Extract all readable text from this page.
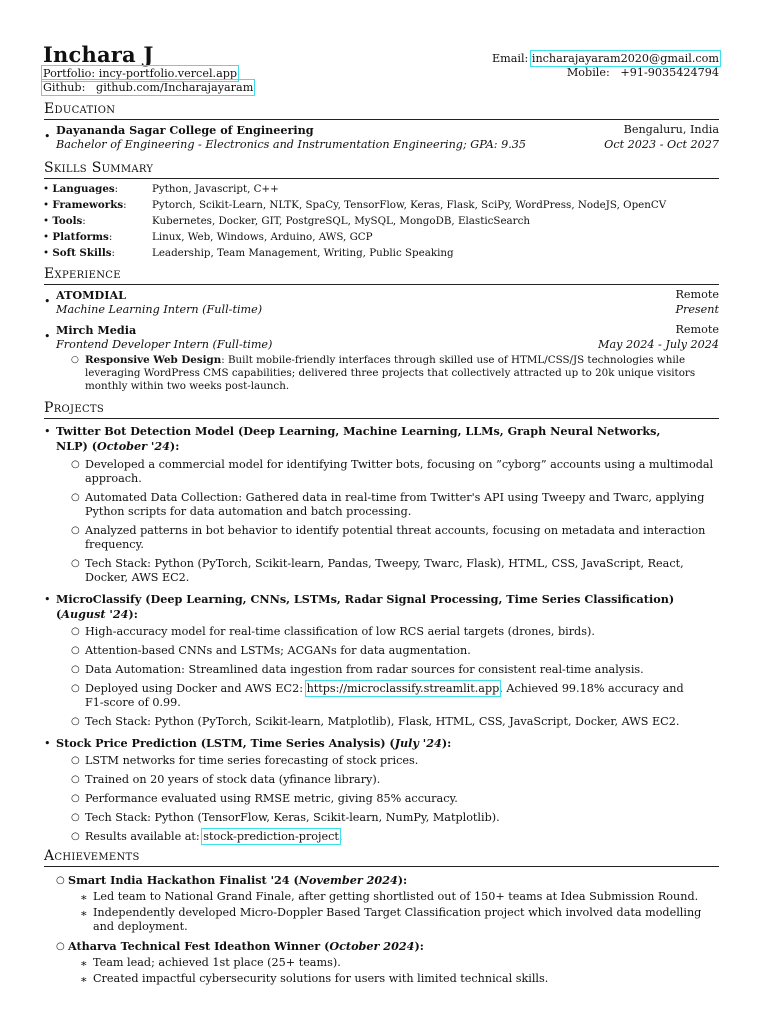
Incharа J
Portfolio: incy-portfolio.vercel.app
Github: github.com/Incharajayaram
Email: incharajayaram2020@gmail.com
Mobile: +91-9035424794
Education
• Dayananda Sagar College of Engineering	Bengaluru, India
Bachelor of Engineering - Electronics and Instrumentation Engineering; GPA: 9.35	Oct 2023 - Oct 2027
Skills Summary
• Languages:	Python, Javascript, C++
• Frameworks:	Pytorch, Scikit-Learn, NLTK, SpaCy, TensorFlow, Keras, Flask, SciPy, WordPress, NodeJS, OpenCV
• Tools:	Kubernetes, Docker, GIT, PostgreSQL, MySQL, MongoDB, ElasticSearch
• Platforms:	Linux, Web, Windows, Arduino, AWS, GCP
• Soft Skills:	Leadership, Team Management, Writing, Public Speaking
Experience
• ATOMDIAL	Remote
Machine Learning Intern (Full-time)	Present
• Mirch Media	Remote
Frontend Developer Intern (Full-time)	May 2024 - July 2024
○ Responsive Web Design: Built mobile-friendly interfaces through skilled use of HTML/CSS/JS technologies while
leveraging WordPress CMS capabilities; delivered three projects that collectively attracted up to 20k unique visitors
monthly within two weeks post-launch.
Projects
• Twitter Bot Detection Model (Deep Learning, Machine Learning, LLMs, Graph Neural Networks,
NLP) (October '24):
○ Developed a commercial model for identifying Twitter bots, focusing on ”cyborg” accounts using a multimodal approach.
○ Automated Data Collection: Gathered data in real-time from Twitter's API using Tweepy and Twarc, applying Python scripts for data automation and batch processing.
○ Analyzed patterns in bot behavior to identify potential threat accounts, focusing on metadata and interaction frequency.
○ Tech Stack: Python (PyTorch, Scikit-learn, Pandas, Tweepy, Twarc, Flask), HTML, CSS, JavaScript, React, Docker, AWS EC2.
• MicroClassify (Deep Learning, CNNs, LSTMs, Radar Signal Processing, Time Series Classification)
(August '24):
○ High-accuracy model for real-time classification of low RCS aerial targets (drones, birds).
○ Attention-based CNNs and LSTMs; ACGANs for data augmentation.
○ Data Automation: Streamlined data ingestion from radar sources for consistent real-time analysis.
○ Deployed using Docker and AWS EC2: https://microclassify.streamlit.app. Achieved 99.18% accuracy and
F1-score of 0.99.
○ Tech Stack: Python (PyTorch, Scikit-learn, Matplotlib), Flask, HTML, CSS, JavaScript, Docker, AWS EC2.
• Stock Price Prediction (LSTM, Time Series Analysis) (July '24):
○ LSTM networks for time series forecasting of stock prices.
○ Trained on 20 years of stock data (yfinance library).
○ Performance evaluated using RMSE metric, giving 85% accuracy.
○ Tech Stack: Python (TensorFlow, Keras, Scikit-learn, NumPy, Matplotlib).
○ Results available at: stock-prediction-project.
Achievements
○ Smart India Hackathon Finalist '24 (November 2024):
∗ Led team to National Grand Finale, after getting shortlisted out of 150+ teams at Idea Submission Round.
∗ Independently developed Micro-Doppler Based Target Classification project which involved data modelling and deployment.
○ Atharva Technical Fest Ideathon Winner (October 2024):
∗ Team lead; achieved 1st place (25+ teams).
∗ Created impactful cybersecurity solutions for users with limited technical skills.
